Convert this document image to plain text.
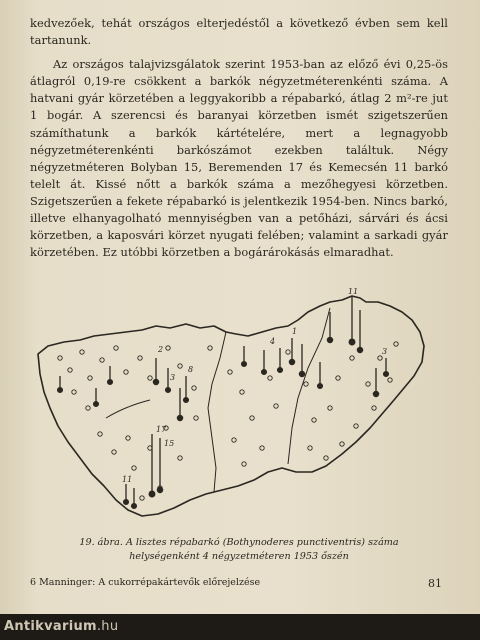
kedvezőek, tehát országos elterjedéstől a következő évben sem kell tartanunk.

Az országos talajvizsgálatok szerint 1953-ban az előző évi 0,25-ös átlagról 0,19-re csökkent a barkók négyzetméterenkénti száma. A hatvani gyár körzetében a leggyakoribb a répabarkó, átlag 2 m²-re jut 1 bogár. A szerencsi és baranyai körzetben ismét szigetszerűen számíthatunk a barkók kártételére, mert a legnagyobb négyzetméterenkénti barkószámot ezekben találtuk. Négy négyzetméteren Bolyban 15, Beremenden 17 és Kemecsén 11 barkó telelt át. Kissé nőtt a barkók száma a mezőhegyesi körzetben. Szigetszerűen a fekete répabarkó is jelentkezik 1954-ben. Nincs barkó, illetve elhanyagolható mennyiségben van a petőházi, sárvári és ácsi körzetben, a kaposvári körzet nyugati felében; valamint a sarkadi gyár körzetében. Ez utóbbi körzetben a bogárárokásás elmaradhat.

17
15
11
2
8
3
4
1
11
3
19. ábra. A lisztes répabarkó (Bothynoderes punctiventris) száma
helységenként 4 négyzetméteren 1953 őszén
6 Manninger: A cukorrépakártevők előrejelzése	81
Antikvarium.hu
